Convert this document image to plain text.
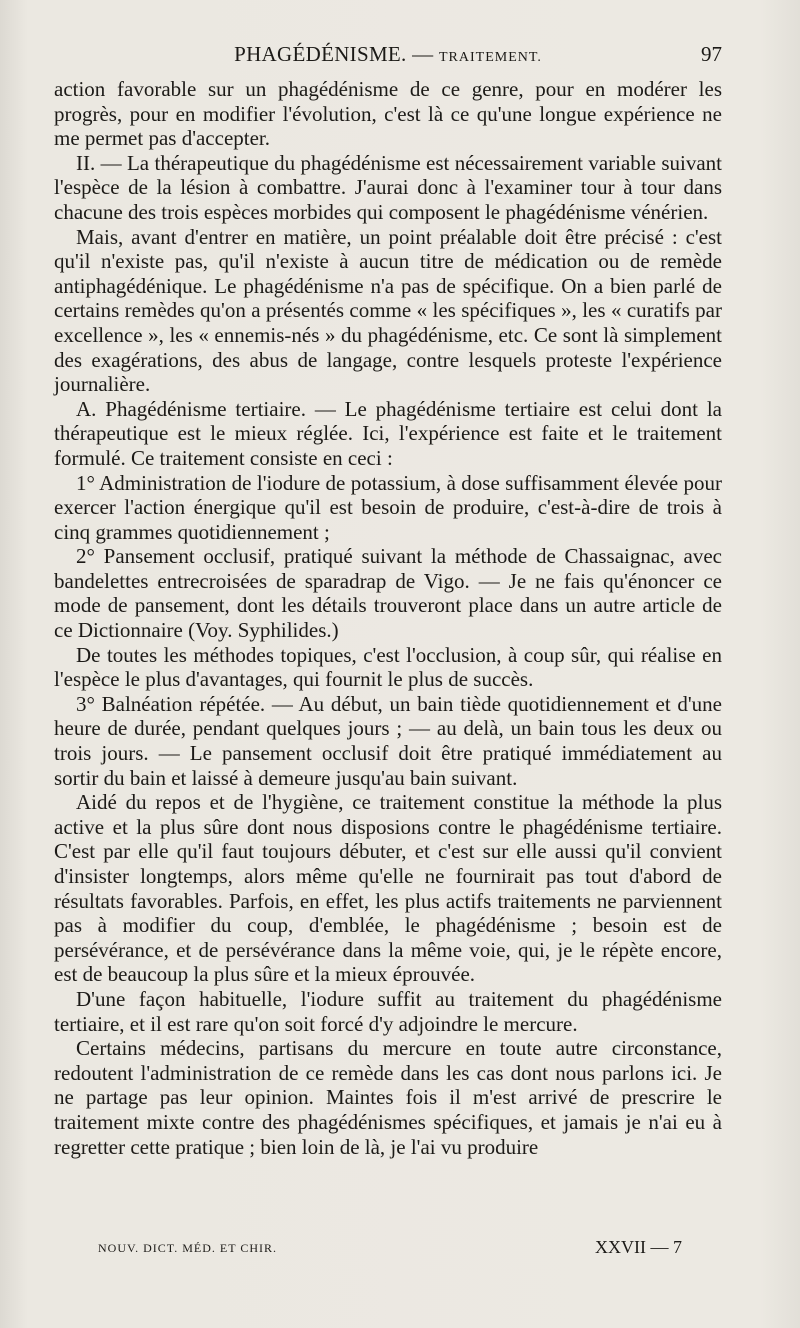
PHAGÉDÉNISME. — TRAITEMENT.	97

action favorable sur un phagédénisme de ce genre, pour en modérer les progrès, pour en modifier l'évolution, c'est là ce qu'une longue expérience ne me permet pas d'accepter.

II. — La thérapeutique du phagédénisme est nécessairement variable suivant l'espèce de la lésion à combattre. J'aurai donc à l'examiner tour à tour dans chacune des trois espèces morbides qui composent le phagédénisme vénérien.

Mais, avant d'entrer en matière, un point préalable doit être précisé : c'est qu'il n'existe pas, qu'il n'existe à aucun titre de médication ou de remède antiphagédénique. Le phagédénisme n'a pas de spécifique. On a bien parlé de certains remèdes qu'on a présentés comme « les spécifiques », les « curatifs par excellence », les « ennemis-nés » du phagédénisme, etc. Ce sont là simplement des exagérations, des abus de langage, contre lesquels proteste l'expérience journalière.

A. Phagédénisme tertiaire. — Le phagédénisme tertiaire est celui dont la thérapeutique est le mieux réglée. Ici, l'expérience est faite et le traitement formulé. Ce traitement consiste en ceci :

1° Administration de l'iodure de potassium, à dose suffisamment élevée pour exercer l'action énergique qu'il est besoin de produire, c'est-à-dire de trois à cinq grammes quotidiennement ;

2° Pansement occlusif, pratiqué suivant la méthode de Chassaignac, avec bandelettes entrecroisées de sparadrap de Vigo. — Je ne fais qu'énoncer ce mode de pansement, dont les détails trouveront place dans un autre article de ce Dictionnaire (Voy. Syphilides.)

De toutes les méthodes topiques, c'est l'occlusion, à coup sûr, qui réalise en l'espèce le plus d'avantages, qui fournit le plus de succès.

3° Balnéation répétée. — Au début, un bain tiède quotidiennement et d'une heure de durée, pendant quelques jours ; — au delà, un bain tous les deux ou trois jours. — Le pansement occlusif doit être pratiqué immédiatement au sortir du bain et laissé à demeure jusqu'au bain suivant.

Aidé du repos et de l'hygiène, ce traitement constitue la méthode la plus active et la plus sûre dont nous disposions contre le phagédénisme tertiaire. C'est par elle qu'il faut toujours débuter, et c'est sur elle aussi qu'il convient d'insister longtemps, alors même qu'elle ne fournirait pas tout d'abord de résultats favorables. Parfois, en effet, les plus actifs traitements ne parviennent pas à modifier du coup, d'emblée, le phagédénisme ; besoin est de persévérance, et de persévérance dans la même voie, qui, je le répète encore, est de beaucoup la plus sûre et la mieux éprouvée.

D'une façon habituelle, l'iodure suffit au traitement du phagédénisme tertiaire, et il est rare qu'on soit forcé d'y adjoindre le mercure.

Certains médecins, partisans du mercure en toute autre circonstance, redoutent l'administration de ce remède dans les cas dont nous parlons ici. Je ne partage pas leur opinion. Maintes fois il m'est arrivé de prescrire le traitement mixte contre des phagédénismes spécifiques, et jamais je n'ai eu à regretter cette pratique ; bien loin de là, je l'ai vu produire

NOUV. DICT. MÉD. ET CHIR.	XXVII — 7
